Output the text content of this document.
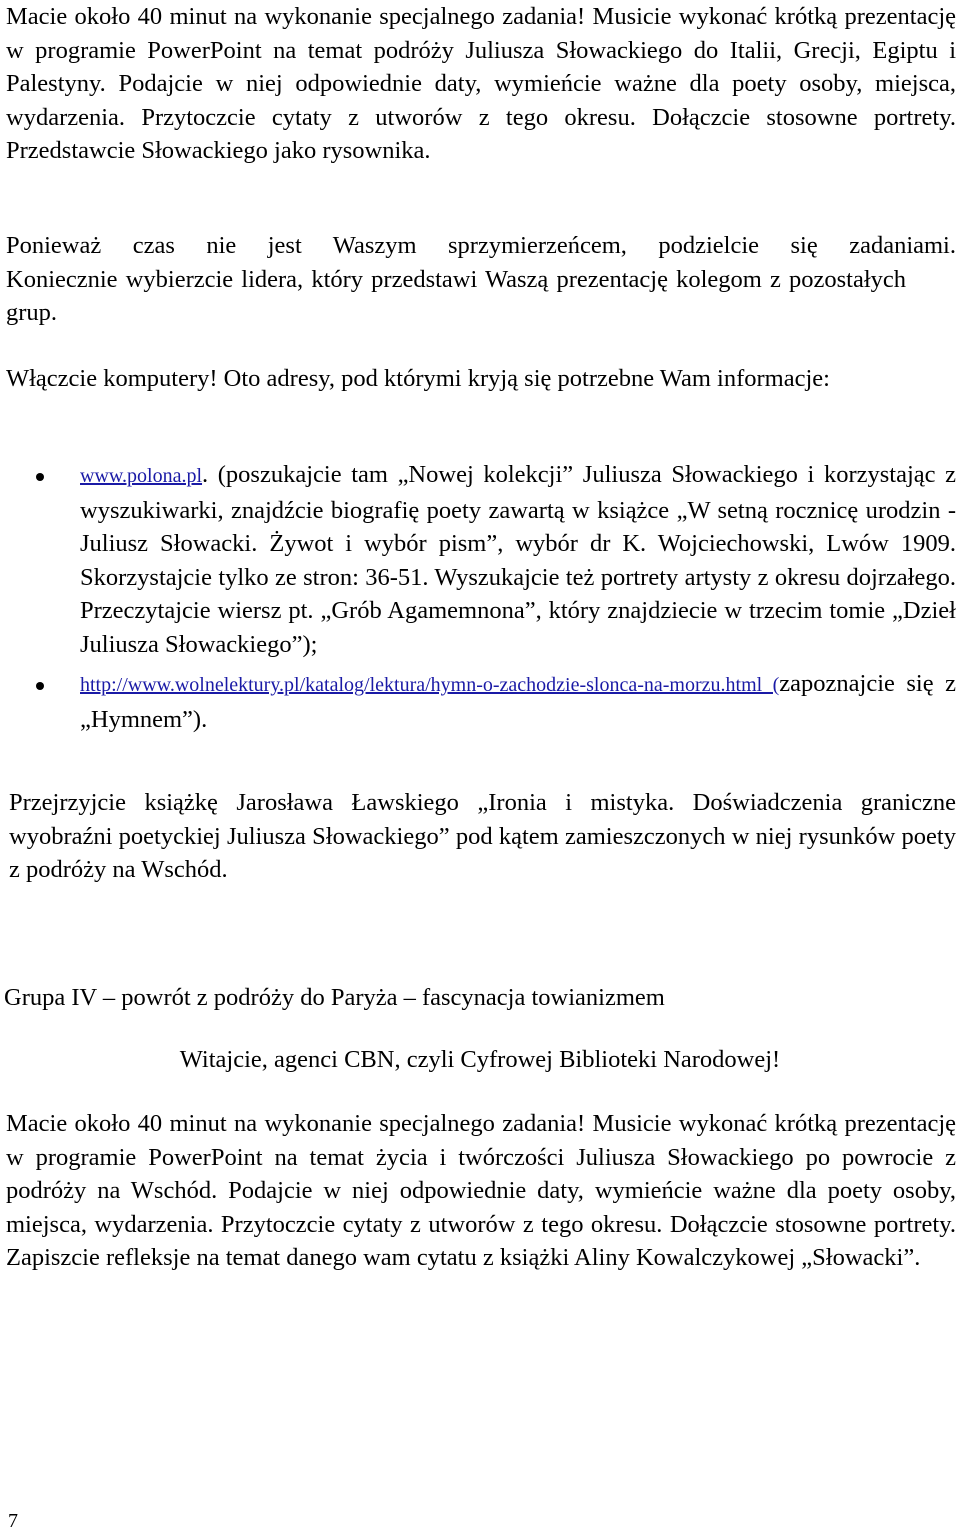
Macie około 40 minut na wykonanie specjalnego zadania! Musicie wykonać krótką prezentację w programie PowerPoint na temat podróży Juliusza Słowackiego do Italii, Grecji, Egiptu i Palestyny. Podajcie w niej odpowiednie daty, wymieńcie ważne dla poety osoby, miejsca, wydarzenia. Przytoczcie cytaty z utworów z tego okresu. Dołączcie stosowne portrety. Przedstawcie Słowackiego jako rysownika.

Ponieważ czas nie jest Waszym sprzymierzeńcem, podzielcie się zadaniami.

Koniecznie wybierzcie lidera, który przedstawi Waszą prezentację kolegom z pozostałych grup.

Włączcie komputery! Oto adresy, pod którymi kryją się potrzebne Wam informacje:

www.polona.pl. (poszukajcie tam „Nowej kolekcji” Juliusza Słowackiego i korzystając z wyszukiwarki, znajdźcie biografię poety zawartą w książce „W setną rocznicę urodzin - Juliusz Słowacki. Żywot i wybór pism”, wybór dr K. Wojciechowski, Lwów 1909. Skorzystajcie tylko ze stron: 36-51. Wyszukajcie też portrety artysty z okresu dojrzałego. Przeczytajcie wiersz pt. „Grób Agamemnona”, który znajdziecie w trzecim tomie „Dzieł Juliusza Słowackiego”);
http://www.wolnelektury.pl/katalog/lektura/hymn-o-zachodzie-slonca-na-morzu.html (zapoznajcie się z „Hymnem”).

Przejrzyjcie książkę Jarosława Ławskiego „Ironia i mistyka. Doświadczenia graniczne wyobraźni poetyckiej Juliusza Słowackiego” pod kątem zamieszczonych w niej rysunków poety z podróży na Wschód.

Grupa IV – powrót z podróży do Paryża – fascynacja towianizmem

Witajcie, agenci CBN, czyli Cyfrowej Biblioteki Narodowej!

Macie około 40 minut na wykonanie specjalnego zadania! Musicie wykonać krótką prezentację w programie PowerPoint na temat życia i twórczości Juliusza Słowackiego po powrocie z podróży na Wschód. Podajcie w niej odpowiednie daty, wymieńcie ważne dla poety osoby, miejsca, wydarzenia. Przytoczcie cytaty z utworów z tego okresu. Dołączcie stosowne portrety. Zapiszcie refleksje na temat danego wam cytatu z książki Aliny Kowalczykowej „Słowacki”.

7
